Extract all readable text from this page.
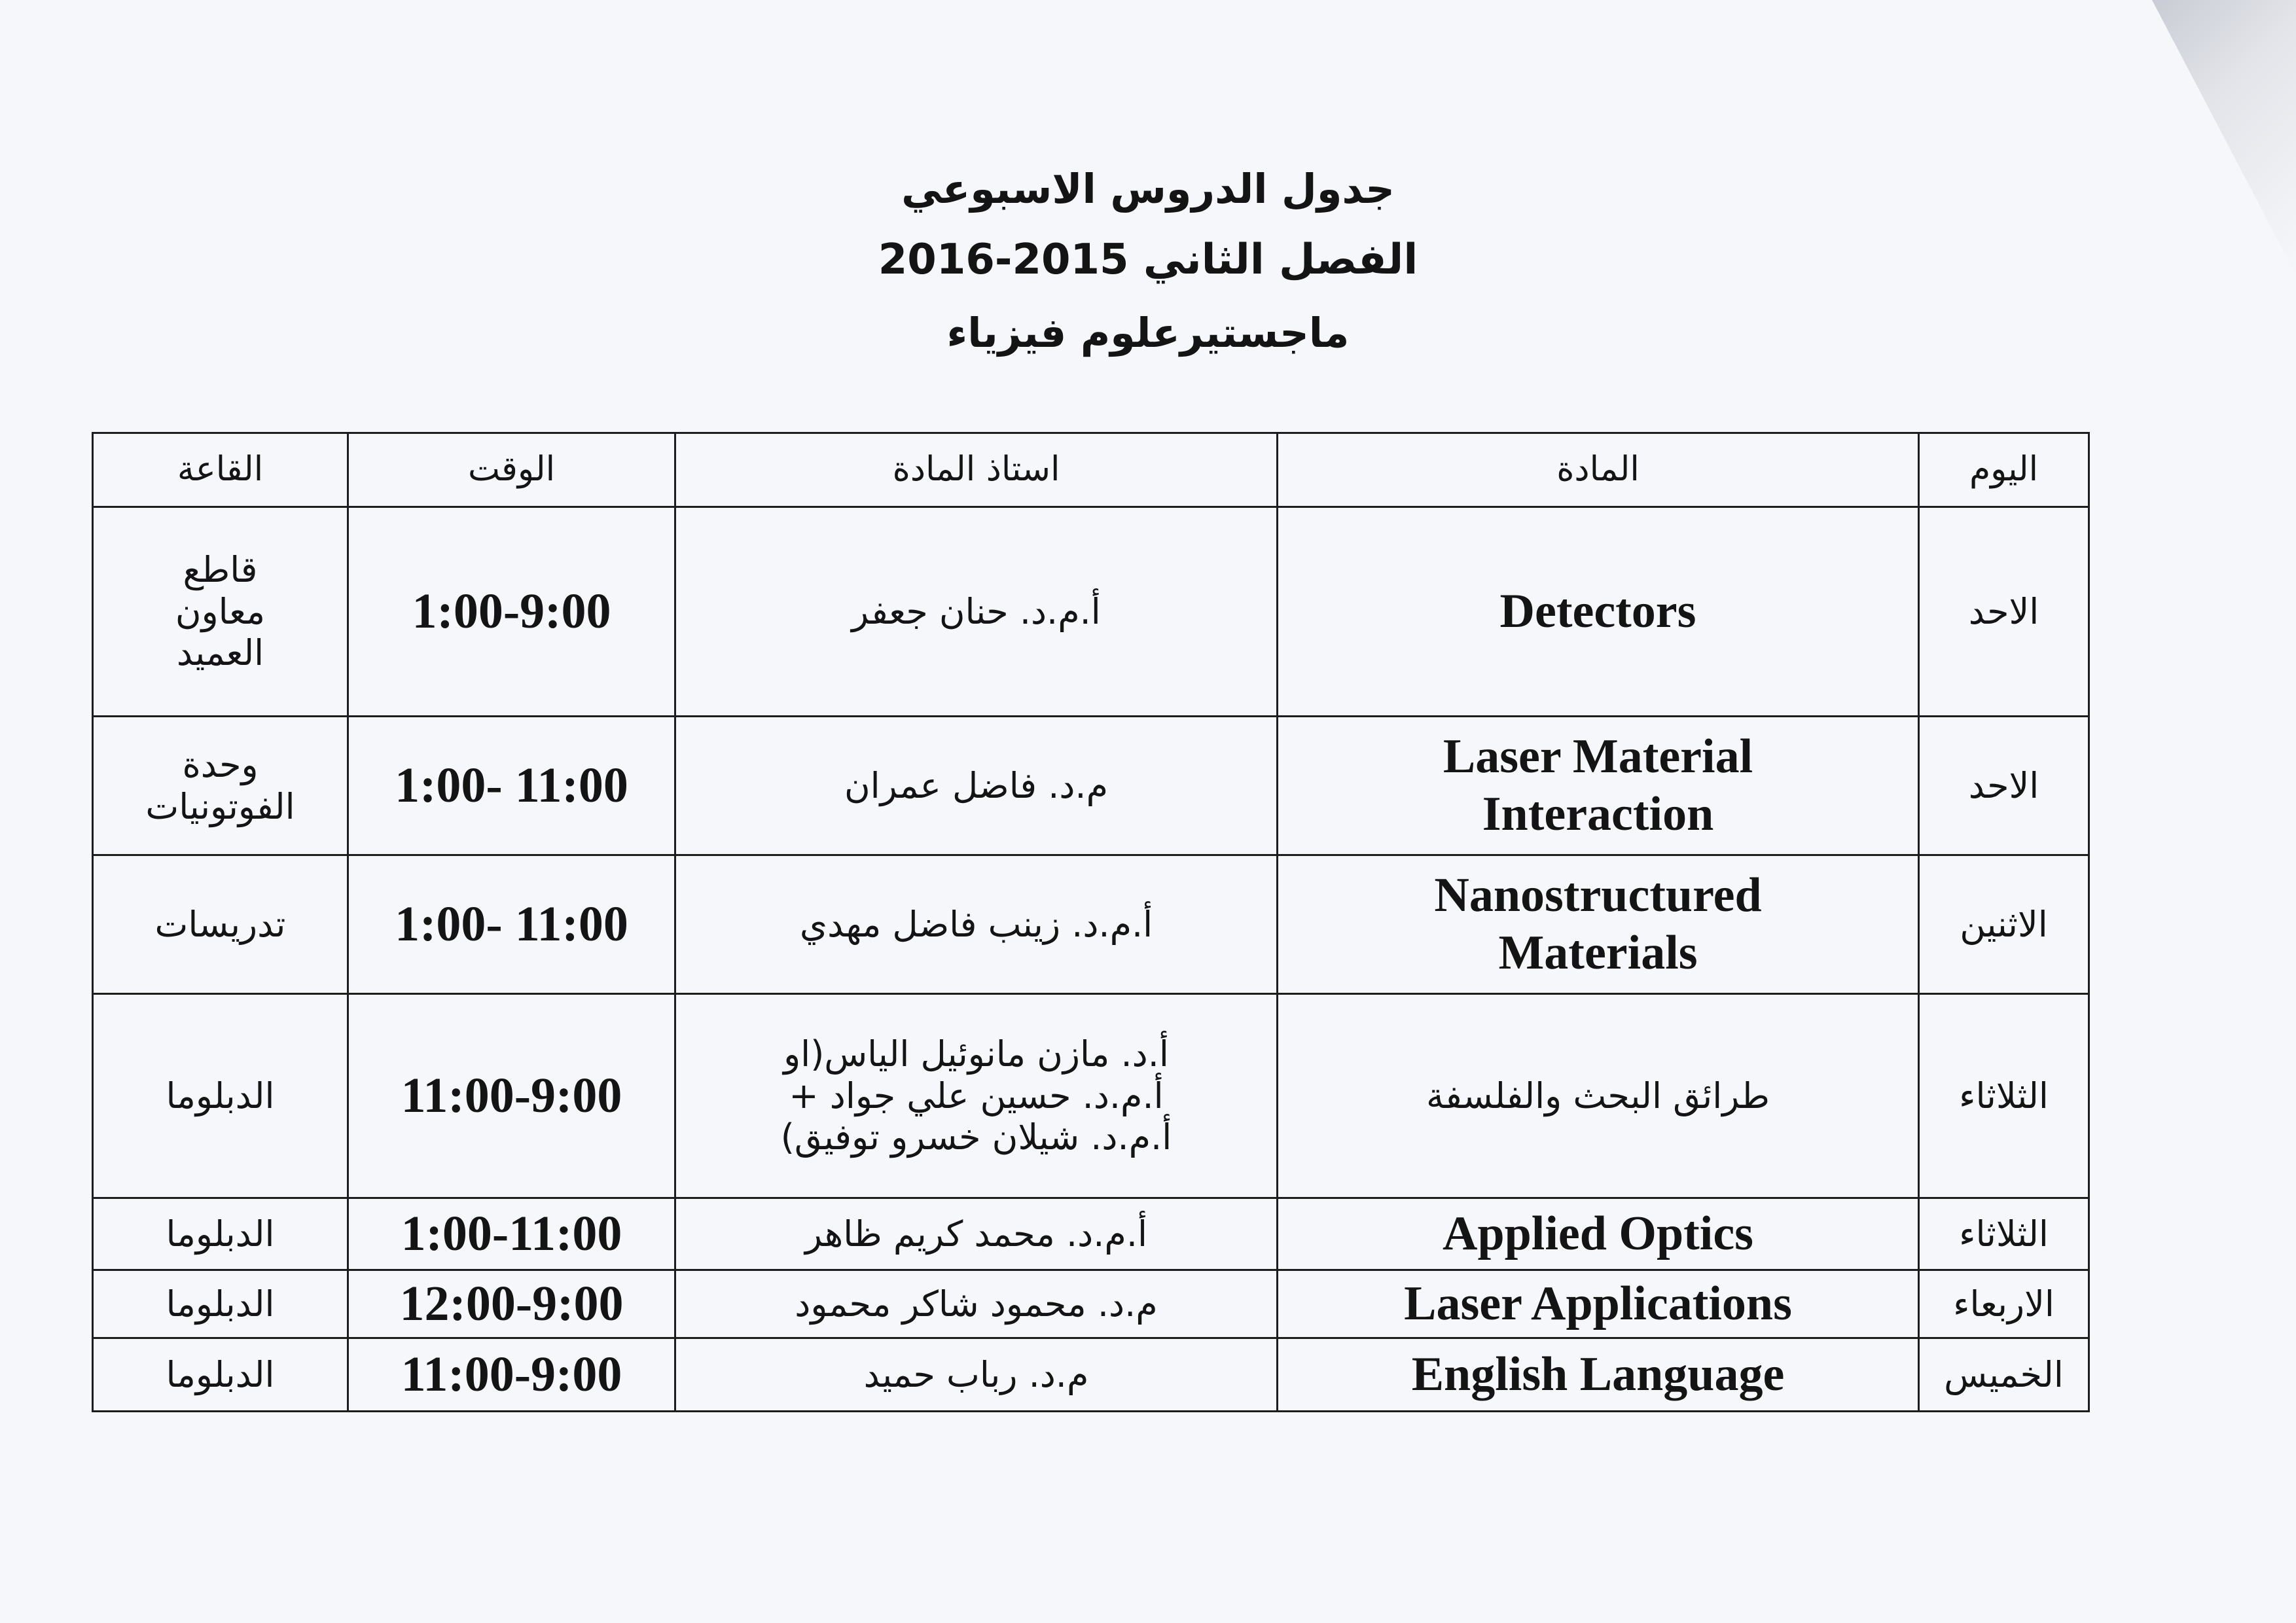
جدول الدروس الاسبوعي
الفصل الثاني 2015-2016
ماجستيرعلوم فيزياء
اليوم	المادة	استاذ المادة	الوقت	القاعة

الاحد	Detectors	أ.م.د. حنان جعفر	1:00-9:00	قاطع
معاون
العميد

الاحد	Laser Material
Interaction	م.د. فاضل عمران	1:00- 11:00	وحدة
الفوتونيات

الاثنين	Nanostructured
Materials	أ.م.د. زينب فاضل مهدي	1:00- 11:00	تدريسات

الثلاثاء	طرائق البحث والفلسفة	أ.د. مازن مانوئيل الياس(او
أ.م.د. حسين علي جواد +
أ.م.د. شيلان خسرو توفيق)	11:00-9:00	الدبلوما

الثلاثاء	Applied Optics	أ.م.د. محمد كريم ظاهر	1:00-11:00	الدبلوما

الاربعاء	Laser Applications	م.د. محمود شاكر محمود	12:00-9:00	الدبلوما

الخميس	English Language	م.د. رباب حميد	11:00-9:00	الدبلوما
